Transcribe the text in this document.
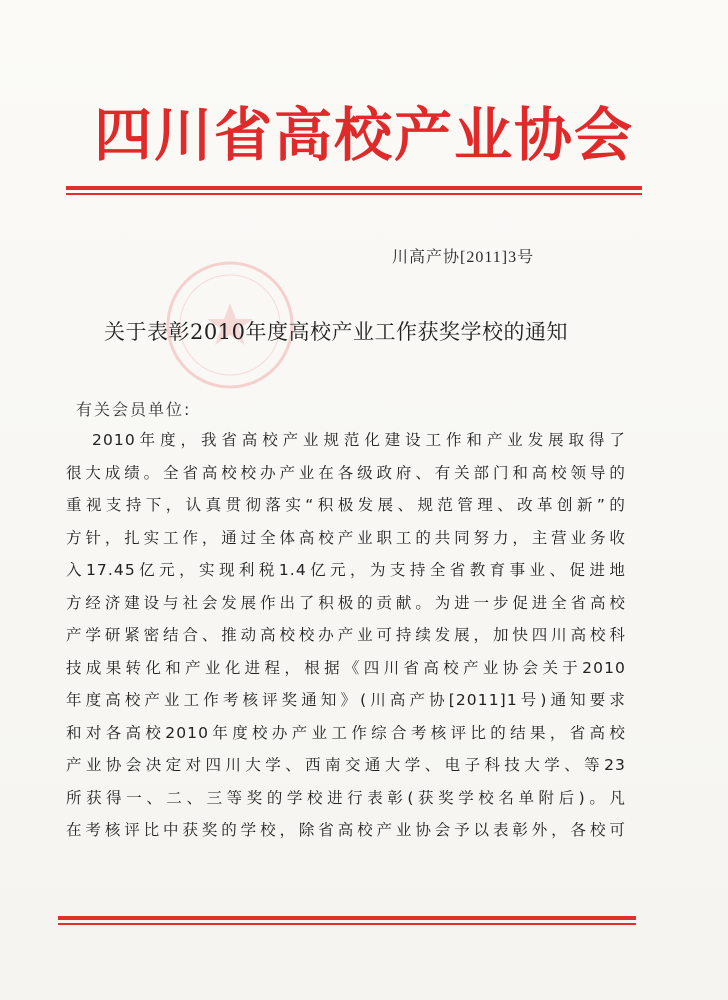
四川省高校产业协会
川高产协[2011]3号
关于表彰2010年度高校产业工作获奖学校的通知
有关会员单位:
2010年度，我省高校产业规范化建设工作和产业发展取得了
很大成绩。全省高校校办产业在各级政府、有关部门和高校领导的
重视支持下，认真贯彻落实“积极发展、规范管理、改革创新”的
方针，扎实工作，通过全体高校产业职工的共同努力，主营业务收
入17.45亿元，实现利税1.4亿元，为支持全省教育事业、促进地
方经济建设与社会发展作出了积极的贡献。为进一步促进全省高校
产学研紧密结合、推动高校校办产业可持续发展，加快四川高校科
技成果转化和产业化进程，根据《四川省高校产业协会关于2010
年度高校产业工作考核评奖通知》(川高产协[2011]1号)通知要求
和对各高校2010年度校办产业工作综合考核评比的结果，省高校
产业协会决定对四川大学、西南交通大学、电子科技大学、等23
所获得一、二、三等奖的学校进行表彰(获奖学校名单附后)。凡
在考核评比中获奖的学校，除省高校产业协会予以表彰外，各校可
